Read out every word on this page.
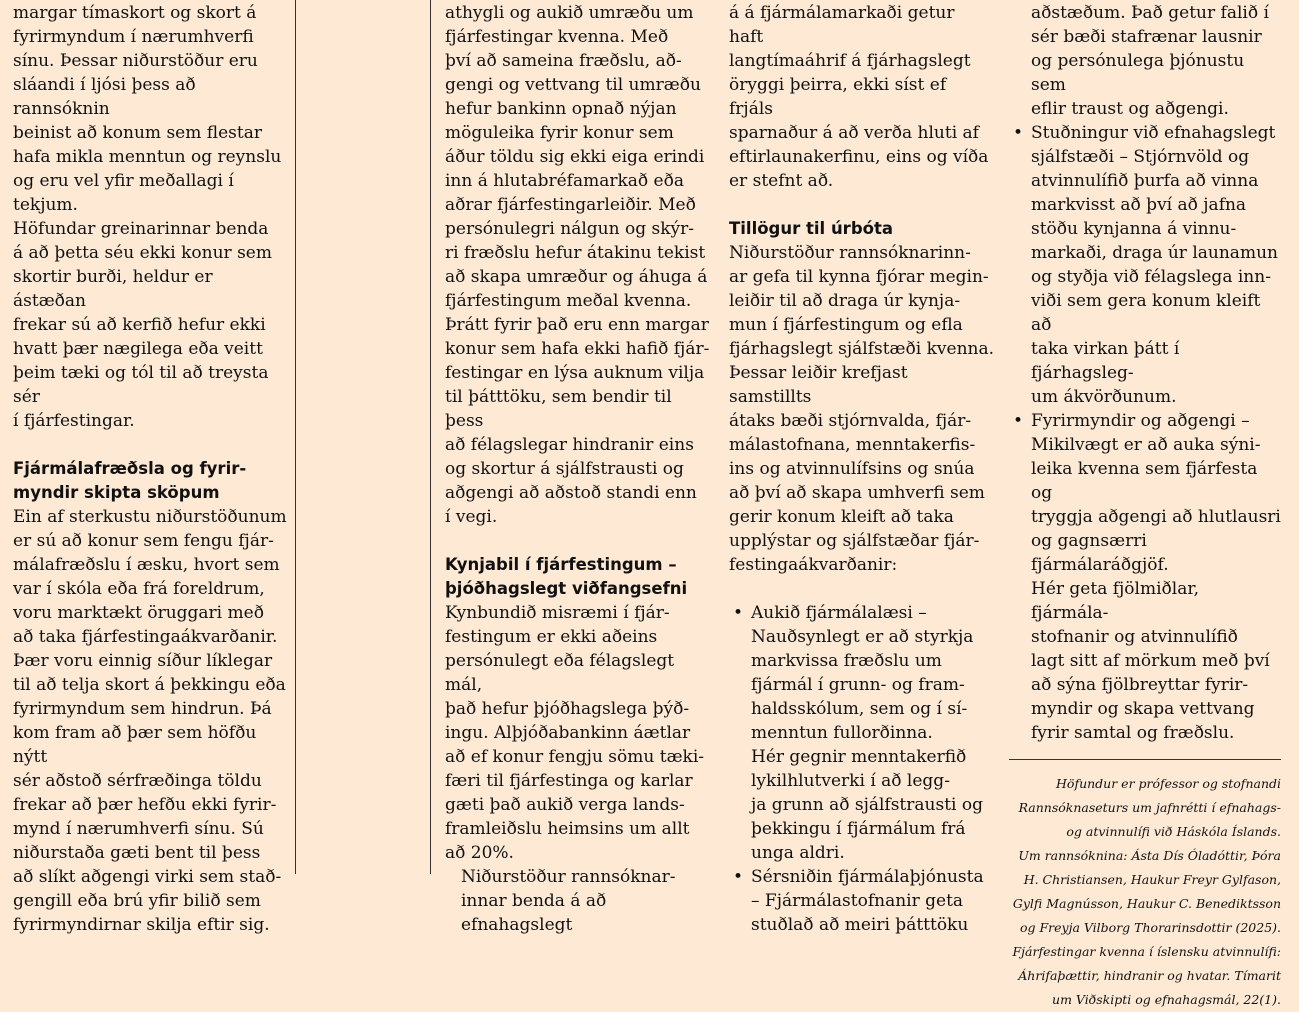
margar tímaskort og skort á
fyrirmyndum í nærumhverfi
sínu. Þessar niðurstöður eru
sláandi í ljósi þess að rannsóknin
beinist að konum sem flestar
hafa mikla menntun og reynslu
og eru vel yfir meðallagi í tekjum.
Höfundar greinarinnar benda
á að þetta séu ekki konur sem
skortir burði, heldur er ástæðan
frekar sú að kerfið hefur ekki
hvatt þær nægilega eða veitt
þeim tæki og tól til að treysta sér
í fjárfestingar.

Fjármálafræðsla og fyrir-
myndir skipta sköpum

Ein af sterkustu niðurstöðunum
er sú að konur sem fengu fjár-
málafræðslu í æsku, hvort sem
var í skóla eða frá foreldrum,
voru marktækt öruggari með
að taka fjárfestingaákvarðanir.
Þær voru einnig síður líklegar
til að telja skort á þekkingu eða
fyrirmyndum sem hindrun. Þá
kom fram að þær sem höfðu nýtt
sér aðstoð sérfræðinga töldu
frekar að þær hefðu ekki fyrir-
mynd í nærumhverfi sínu. Sú
niðurstaða gæti bent til þess
að slíkt aðgengi virki sem stað-
gengill eða brú yfir bilið sem
fyrirmyndirnar skilja eftir sig.

athygli og aukið umræðu um
fjárfestingar kvenna. Með
því að sameina fræðslu, að-
gengi og vettvang til umræðu
hefur bankinn opnað nýjan
möguleika fyrir konur sem
áður töldu sig ekki eiga erindi
inn á hlutabréfamarkað eða
aðrar fjárfestingarleiðir. Með
persónulegri nálgun og skýr-
ri fræðslu hefur átakinu tekist
að skapa umræður og áhuga á
fjárfestingum meðal kvenna.
Þrátt fyrir það eru enn margar
konur sem hafa ekki hafið fjár-
festingar en lýsa auknum vilja
til þátttöku, sem bendir til þess
að félagslegar hindranir eins
og skortur á sjálfstrausti og
aðgengi að aðstoð standi enn
í vegi.

Kynjabil í fjárfestingum –
þjóðhagslegt viðfangsefni

Kynbundið misræmi í fjár-
festingum er ekki aðeins
persónulegt eða félagslegt mál,
það hefur þjóðhagslega þýð-
ingu. Alþjóðabankinn áætlar
að ef konur fengju sömu tæki-
færi til fjárfestinga og karlar
gæti það aukið verga lands-
framleiðslu heimsins um allt
að 20%.

Niðurstöður rannsóknar-
innar benda á að efnahagslegt

á á fjármálamarkaði getur haft
langtímaáhrif á fjárhagslegt
öryggi þeirra, ekki síst ef frjáls
sparnaður á að verða hluti af
eftirlaunakerfinu, eins og víða
er stefnt að.

Tillögur til úrbóta

Niðurstöður rannsóknarinn-
ar gefa til kynna fjórar megin-
leiðir til að draga úr kynja-
mun í fjárfestingum og efla
fjárhagslegt sjálfstæði kvenna.
Þessar leiðir krefjast samstillts
átaks bæði stjórnvalda, fjár-
málastofnana, menntakerfis-
ins og atvinnulífsins og snúa
að því að skapa umhverfi sem
gerir konum kleift að taka
upplýstar og sjálfstæðar fjár-
festingaákvarðanir:

• Aukið fjármálalæsi –
Nauðsynlegt er að styrkja
markvissa fræðslu um
fjármál í grunn- og fram-
haldsskólum, sem og í sí-
menntun fullorðinna.
Hér gegnir menntakerfið
lykilhlutverki í að legg-
ja grunn að sjálfstrausti og
þekkingu í fjármálum frá
unga aldri.
• Sérsniðin fjármálaþjónusta
– Fjármálastofnanir geta
stuðlað að meiri þátttöku

aðstæðum. Það getur falið í
sér bæði stafrænar lausnir
og persónulega þjónustu sem
eflir traust og aðgengi.

• Stuðningur við efnahagslegt
sjálfstæði – Stjórnvöld og
atvinnulífið þurfa að vinna
markvisst að því að jafna
stöðu kynjanna á vinnu-
markaði, draga úr launamun
og styðja við félagslega inn-
viði sem gera konum kleift að
taka virkan þátt í fjárhagsleg-
um ákvörðunum.
• Fyrirmyndir og aðgengi –
Mikilvægt er að auka sýni-
leika kvenna sem fjárfesta og
tryggja aðgengi að hlutlausri
og gagnsærri fjármálaráðgjöf.
Hér geta fjölmiðlar, fjármála-
stofnanir og atvinnulífið
lagt sitt af mörkum með því
að sýna fjölbreyttar fyrir-
myndir og skapa vettvang
fyrir samtal og fræðslu.
Höfundur er prófessor og stofnandi
Rannsóknaseturs um jafnrétti í efnahags-
og atvinnulífi við Háskóla Íslands.
Um rannsóknina: Ásta Dís Óladóttir, Þóra
H. Christiansen, Haukur Freyr Gylfason,
Gylfi Magnússon, Haukur C. Benediktsson
og Freyja Vilborg Thorarinsdottir (2025).
Fjárfestingar kvenna í íslensku atvinnulífi:
Áhrifaþættir, hindranir og hvatar. Tímarit
um Viðskipti og efnahagsmál, 22(1).
